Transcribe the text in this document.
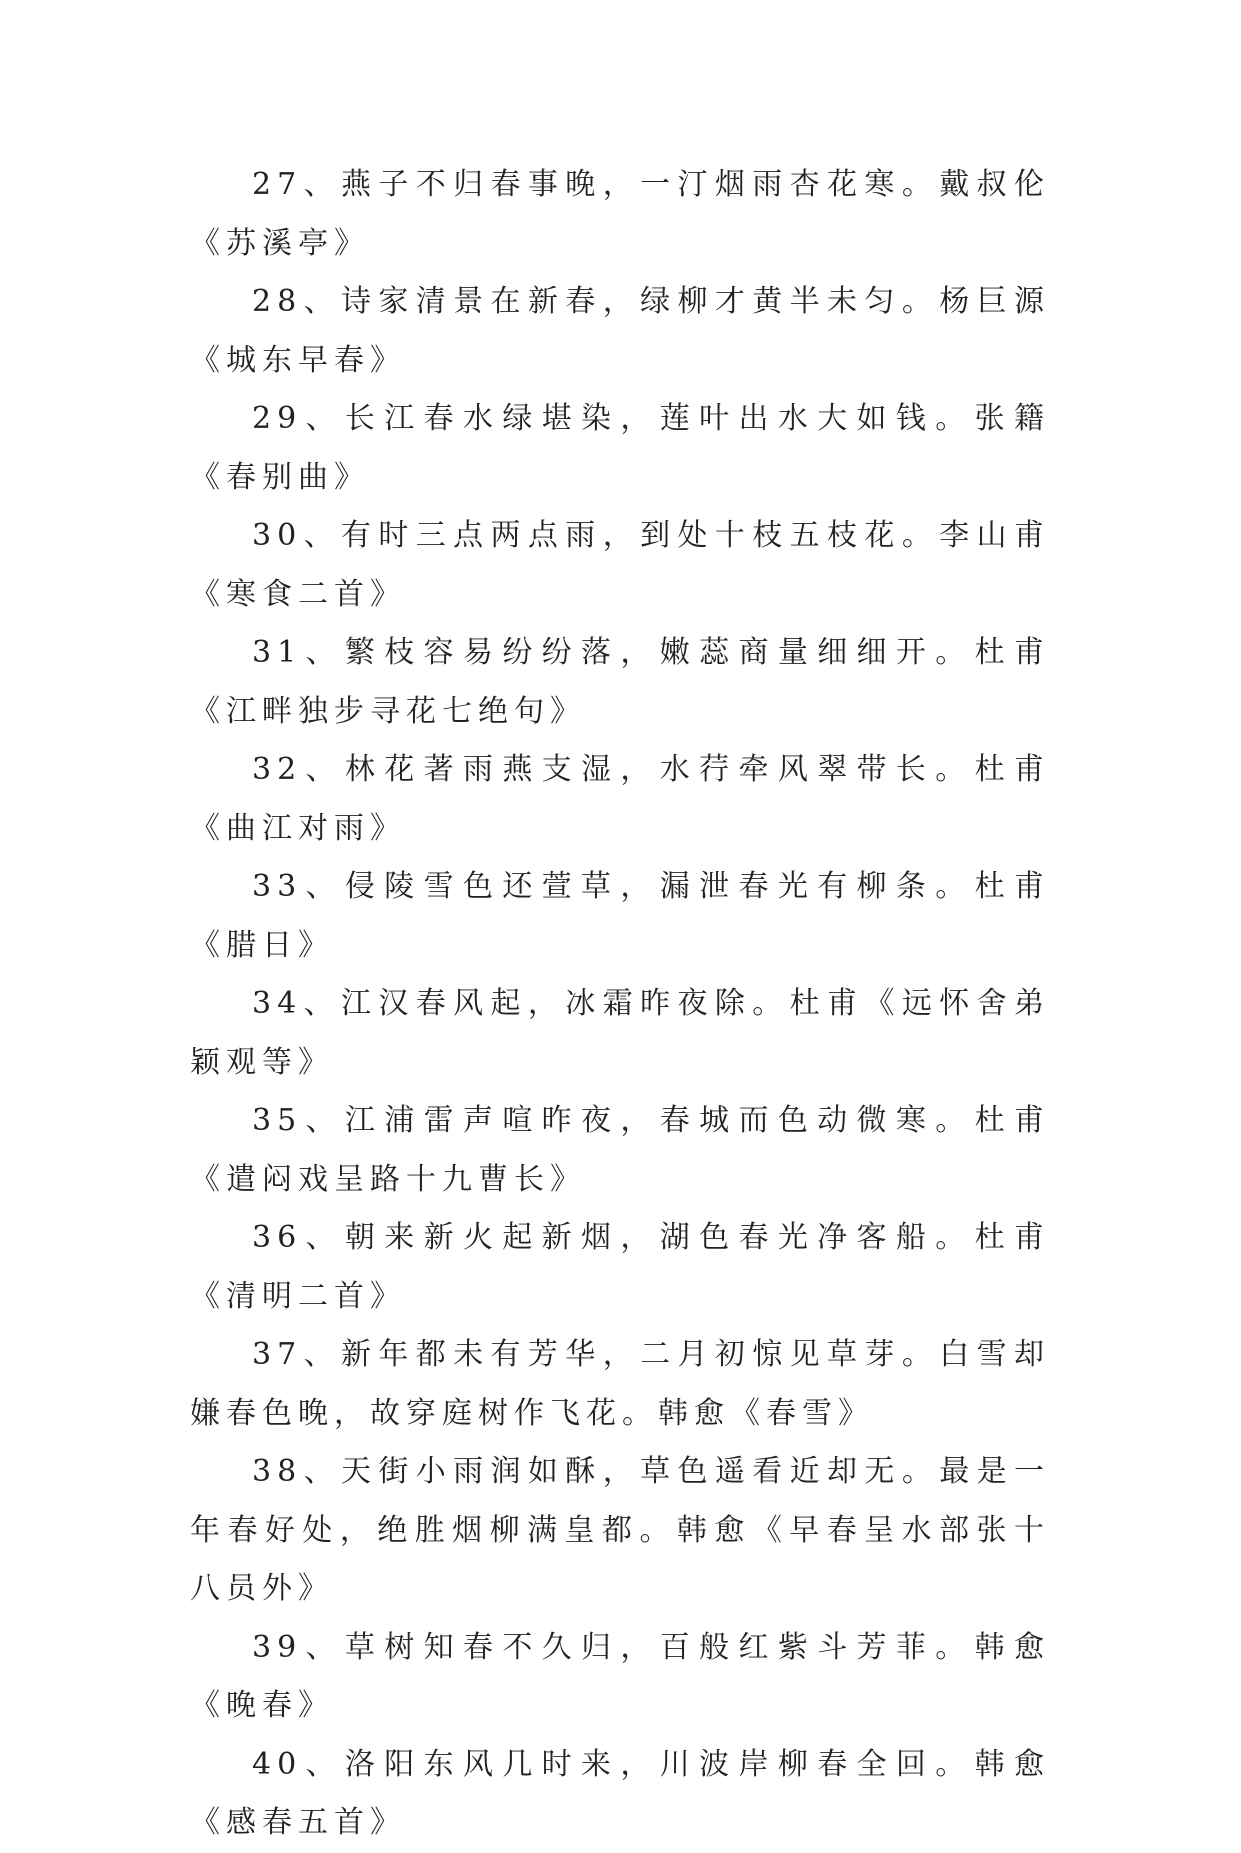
27、燕子不归春事晚，一汀烟雨杏花寒。戴叔伦《苏溪亭》

28、诗家清景在新春，绿柳才黄半未匀。杨巨源《城东早春》

29、长江春水绿堪染，莲叶出水大如钱。张籍《春别曲》

30、有时三点两点雨，到处十枝五枝花。李山甫《寒食二首》

31、繁枝容易纷纷落，嫩蕊商量细细开。杜甫《江畔独步寻花七绝句》

32、林花著雨燕支湿，水荇牵风翠带长。杜甫《曲江对雨》

33、侵陵雪色还萱草，漏泄春光有柳条。杜甫《腊日》

34、江汉春风起，冰霜昨夜除。杜甫《远怀舍弟颖观等》

35、江浦雷声喧昨夜，春城而色动微寒。杜甫《遣闷戏呈路十九曹长》

36、朝来新火起新烟，湖色春光净客船。杜甫《清明二首》

37、新年都未有芳华，二月初惊见草芽。白雪却嫌春色晚，故穿庭树作飞花。韩愈《春雪》

38、天街小雨润如酥，草色遥看近却无。最是一年春好处，绝胜烟柳满皇都。韩愈《早春呈水部张十八员外》

39、草树知春不久归，百般红紫斗芳菲。韩愈《晚春》

40、洛阳东风几时来，川波岸柳春全回。韩愈《感春五首》
